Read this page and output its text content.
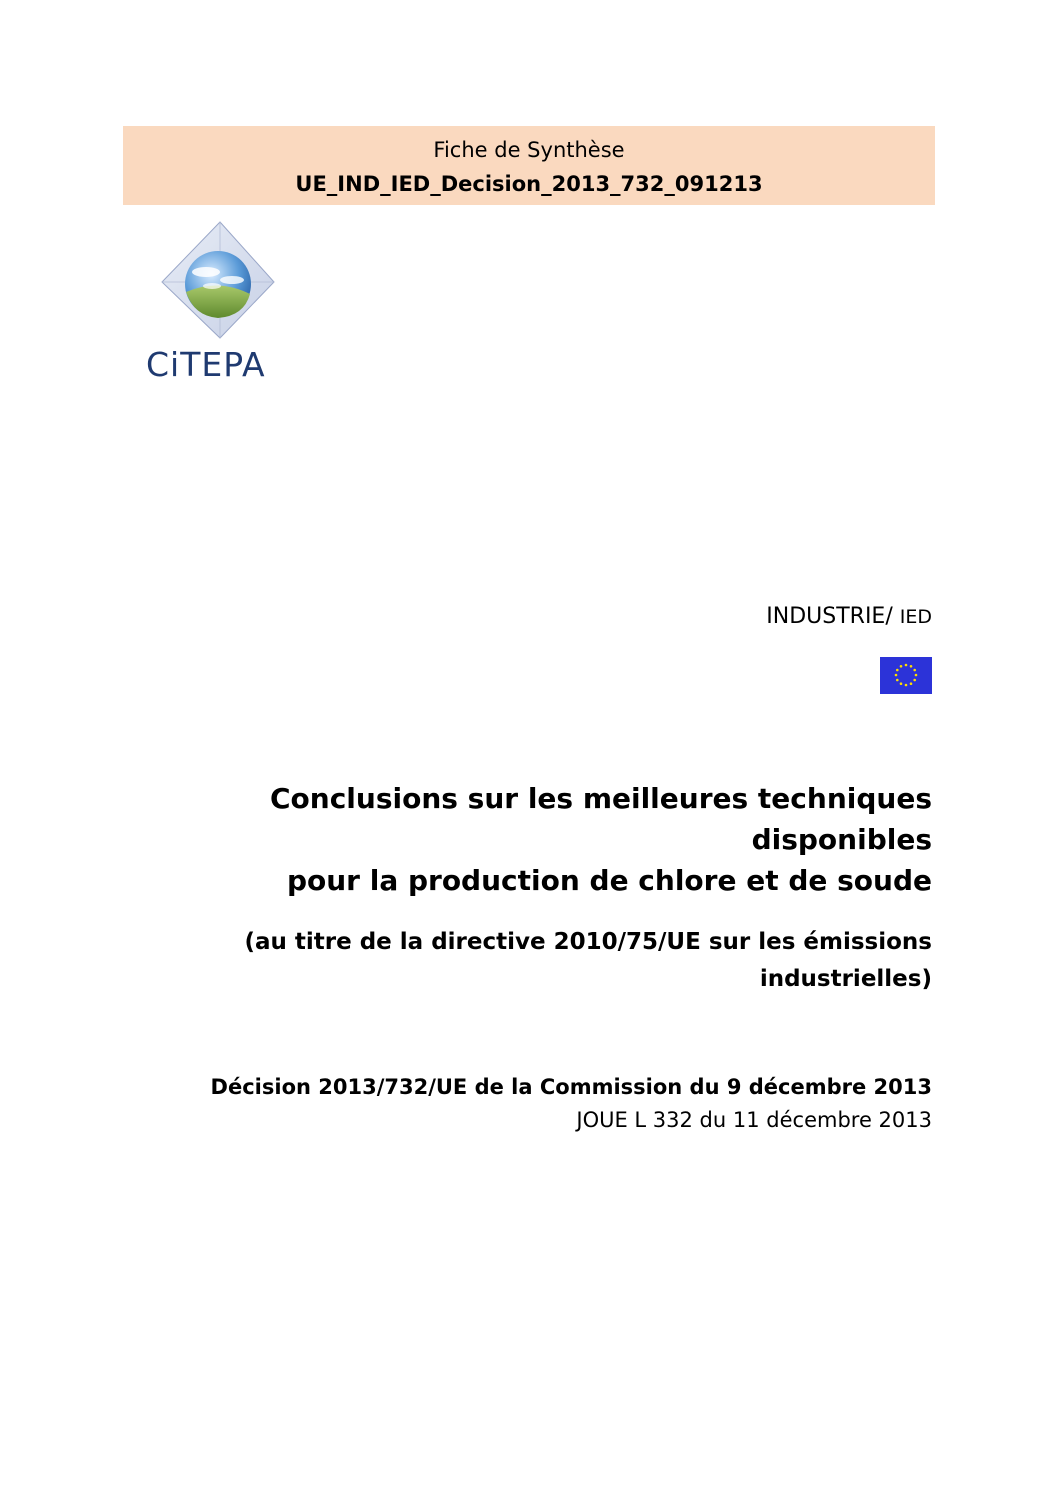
Fiche de Synthèse
UE_IND_IED_Decision_2013_732_091213
CiTEPA
INDUSTRIE/ IED
Conclusions sur les meilleures techniques disponibles
pour la production de chlore et de soude
(au titre de la directive 2010/75/UE sur les émissions
industrielles)
Décision 2013/732/UE de la Commission du 9 décembre 2013
JOUE L 332 du 11 décembre 2013
